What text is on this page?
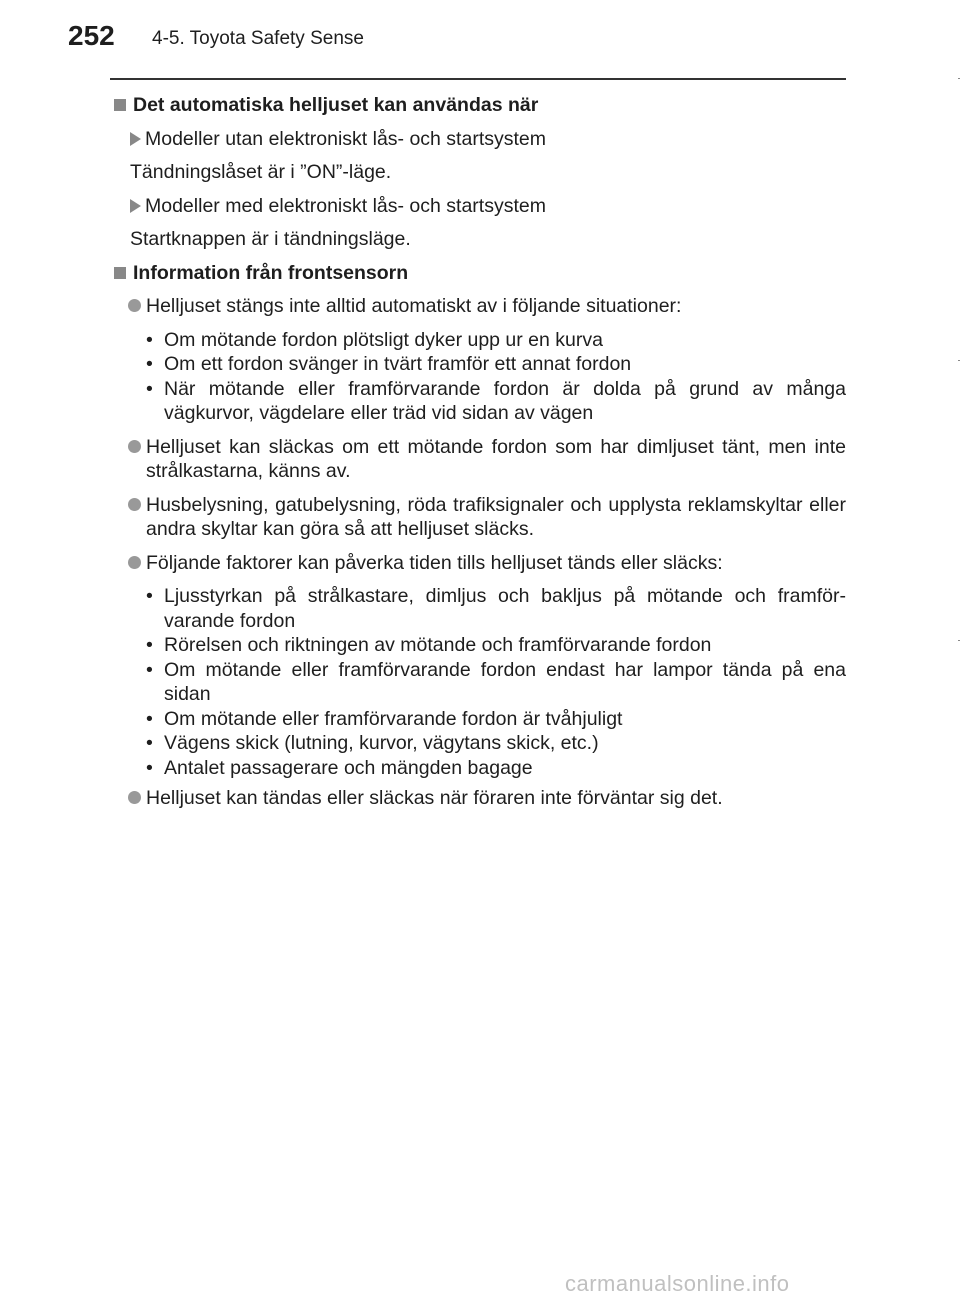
252 4-5. Toyota Safety Sense
Det automatiska helljuset kan användas när
Modeller utan elektroniskt lås- och startsystem
Tändningslåset är i ”ON”-läge.
Modeller med elektroniskt lås- och startsystem
Startknappen är i tändningsläge.
Information från frontsensorn
Helljuset stängs inte alltid automatiskt av i följande situationer:
• Om mötande fordon plötsligt dyker upp ur en kurva
• Om ett fordon svänger in tvärt framför ett annat fordon
• När mötande eller framförvarande fordon är dolda på grund av många vägkurvor, vägdelare eller träd vid sidan av vägen
Helljuset kan släckas om ett mötande fordon som har dimljuset tänt, men inte strålkastarna, känns av.
Husbelysning, gatubelysning, röda trafiksignaler och upplysta reklamskyltar eller andra skyltar kan göra så att helljuset släcks.
Följande faktorer kan påverka tiden tills helljuset tänds eller släcks:
• Ljusstyrkan på strålkastare, dimljus och bakljus på mötande och framför- varande fordon
• Rörelsen och riktningen av mötande och framförvarande fordon
• Om mötande eller framförvarande fordon endast har lampor tända på ena sidan
• Om mötande eller framförvarande fordon är tvåhjuligt
• Vägens skick (lutning, kurvor, vägytans skick, etc.)
• Antalet passagerare och mängden bagage
Helljuset kan tändas eller släckas när föraren inte förväntar sig det.
carmanualsonline.info
